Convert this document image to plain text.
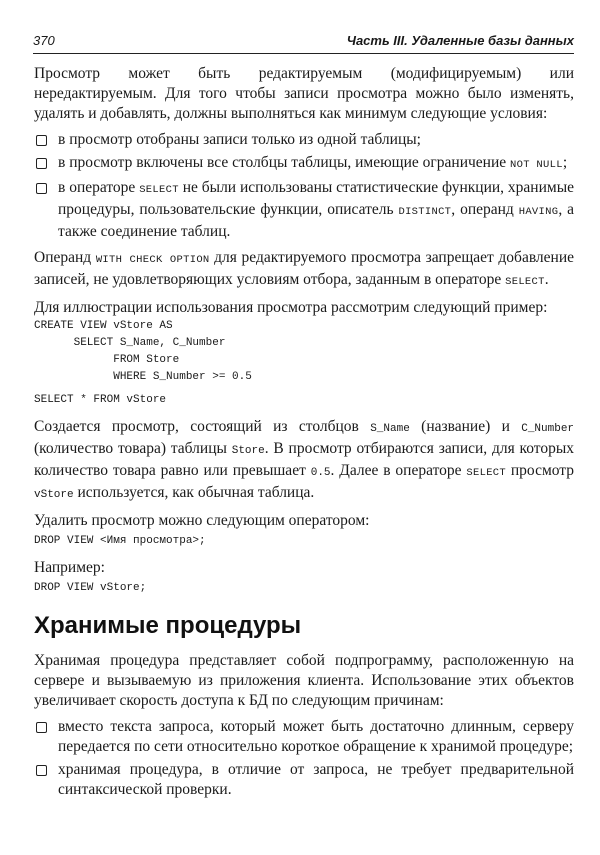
370	Часть III. Удаленные базы данных

Просмотр может быть редактируемым (модифицируемым) или нередактируемым. Для того чтобы записи просмотра можно было изменять, удалять и добавлять, должны выполняться как минимум следующие условия:

в просмотр отобраны записи только из одной таблицы;
в просмотр включены все столбцы таблицы, имеющие ограничение NOT NULL;
в операторе SELECT не были использованы статистические функции, хранимые процедуры, пользовательские функции, описатель DISTINCT, операнд HAVING, а также соединение таблиц.

Операнд WITH CHECK OPTION для редактируемого просмотра запрещает добавление записей, не удовлетворяющих условиям отбора, заданным в операторе SELECT.

Для иллюстрации использования просмотра рассмотрим следующий пример:

CREATE VIEW vStore AS
SELECT S_Name, C_Number
FROM Store
WHERE S_Number >= 0.5
SELECT * FROM vStore

Создается просмотр, состоящий из столбцов S_Name (название) и C_Number (количество товара) таблицы Store. В просмотр отбираются записи, для которых количество товара равно или превышает 0.5. Далее в операторе SELECT просмотр vStore используется, как обычная таблица.

Удалить просмотр можно следующим оператором:

DROP VIEW <Имя просмотра>;

Например:

DROP VIEW vStore;
Хранимые процедуры

Хранимая процедура представляет собой подпрограмму, расположенную на сервере и вызываемую из приложения клиента. Использование этих объектов увеличивает скорость доступа к БД по следующим причинам:

вместо текста запроса, который может быть достаточно длинным, серверу передается по сети относительно короткое обращение к хранимой процедуре;
хранимая процедура, в отличие от запроса, не требует предварительной синтаксической проверки.
